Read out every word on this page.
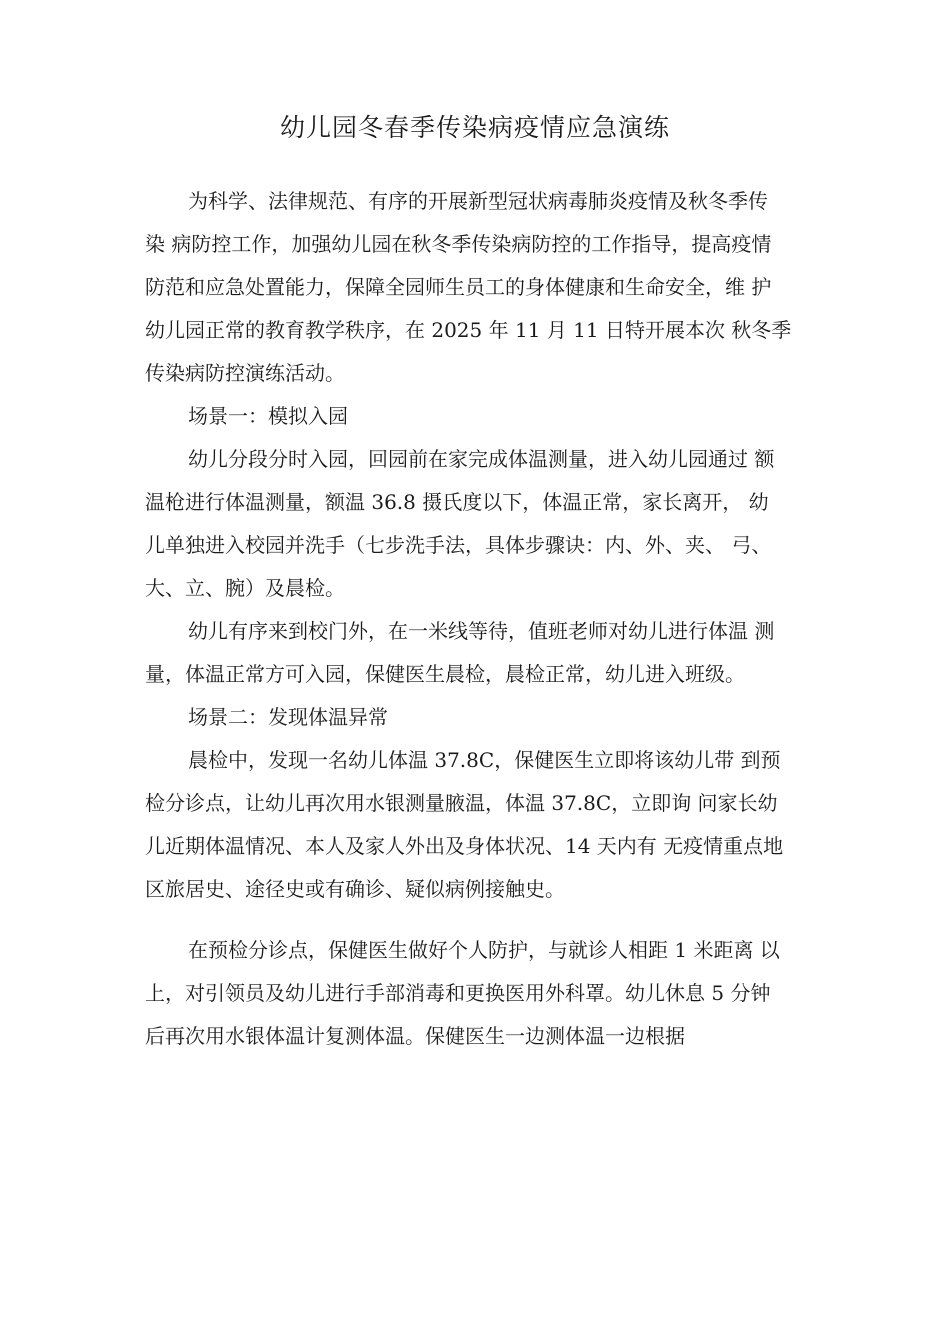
幼儿园冬春季传染病疫情应急演练
为科学、法律规范、有序的开展新型冠状病毒肺炎疫情及秋冬季传
染 病防控工作，加强幼儿园在秋冬季传染病防控的工作指导，提高疫情
防范和应急处置能力，保障全园师生员工的身体健康和生命安全，维 护
幼儿园正常的教育教学秩序，在 2025 年 11 月 11 日特开展本次 秋冬季
传染病防控演练活动。
场景一：模拟入园
幼儿分段分时入园，回园前在家完成体温测量，进入幼儿园通过 额
温枪进行体温测量，额温 36.8 摄氏度以下，体温正常，家长离开， 幼
儿单独进入校园并洗手（七步洗手法，具体步骤诀：内、外、夹、 弓、
大、立、腕）及晨检。
幼儿有序来到校门外，在一米线等待，值班老师对幼儿进行体温 测
量，体温正常方可入园，保健医生晨检，晨检正常，幼儿进入班级。
场景二：发现体温异常
晨检中，发现一名幼儿体温 37.8C，保健医生立即将该幼儿带 到预
检分诊点，让幼儿再次用水银测量腋温，体温 37.8C，立即询 问家长幼
儿近期体温情况、本人及家人外出及身体状况、14 天内有 无疫情重点地
区旅居史、途径史或有确诊、疑似病例接触史。
在预检分诊点，保健医生做好个人防护，与就诊人相距 1 米距离 以
上，对引领员及幼儿进行手部消毒和更换医用外科罩。幼儿休息 5 分钟
后再次用水银体温计复测体温。保健医生一边测体温一边根据
